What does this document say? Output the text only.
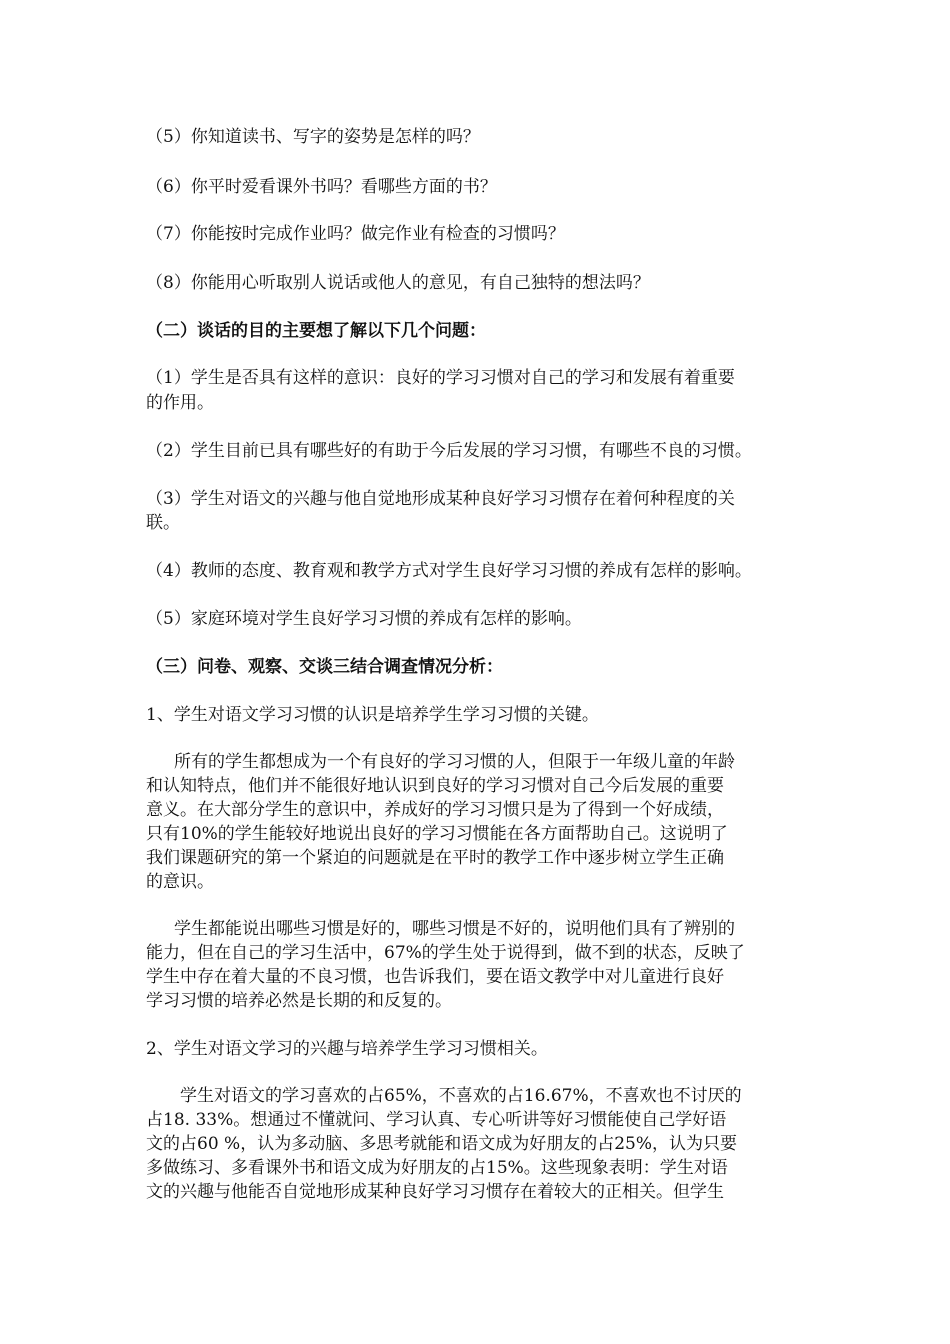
（5）你知道读书、写字的姿势是怎样的吗？

（6）你平时爱看课外书吗？看哪些方面的书？

（7）你能按时完成作业吗？做完作业有检查的习惯吗？

（8）你能用心听取别人说话或他人的意见，有自己独特的想法吗？

（二）谈话的目的主要想了解以下几个问题：

（1）学生是否具有这样的意识：良好的学习习惯对自己的学习和发展有着重要

的作用。

（2）学生目前已具有哪些好的有助于今后发展的学习习惯，有哪些不良的习惯。

（3）学生对语文的兴趣与他自觉地形成某种良好学习习惯存在着何种程度的关

联。

（4）教师的态度、教育观和教学方式对学生良好学习习惯的养成有怎样的影响。

（5）家庭环境对学生良好学习习惯的养成有怎样的影响。

（三）问卷、观察、交谈三结合调查情况分析：

1、学生对语文学习习惯的认识是培养学生学习习惯的关键。

所有的学生都想成为一个有良好的学习习惯的人，但限于一年级儿童的年龄

和认知特点，他们并不能很好地认识到良好的学习习惯对自己今后发展的重要

意义。在大部分学生的意识中，养成好的学习习惯只是为了得到一个好成绩，

只有10%的学生能较好地说出良好的学习习惯能在各方面帮助自己。这说明了

我们课题研究的第一个紧迫的问题就是在平时的教学工作中逐步树立学生正确

的意识。

学生都能说出哪些习惯是好的，哪些习惯是不好的，说明他们具有了辨别的

能力，但在自己的学习生活中，67%的学生处于说得到，做不到的状态，反映了

学生中存在着大量的不良习惯，也告诉我们，要在语文教学中对儿童进行良好

学习习惯的培养必然是长期的和反复的。

2、学生对语文学习的兴趣与培养学生学习习惯相关。

学生对语文的学习喜欢的占65%，不喜欢的占16.67%，不喜欢也不讨厌的

占18. 33%。想通过不懂就问、学习认真、专心听讲等好习惯能使自己学好语

文的占60 %，认为多动脑、多思考就能和语文成为好朋友的占25%，认为只要

多做练习、多看课外书和语文成为好朋友的占15%。这些现象表明：学生对语

文的兴趣与他能否自觉地形成某种良好学习习惯存在着较大的正相关。但学生
